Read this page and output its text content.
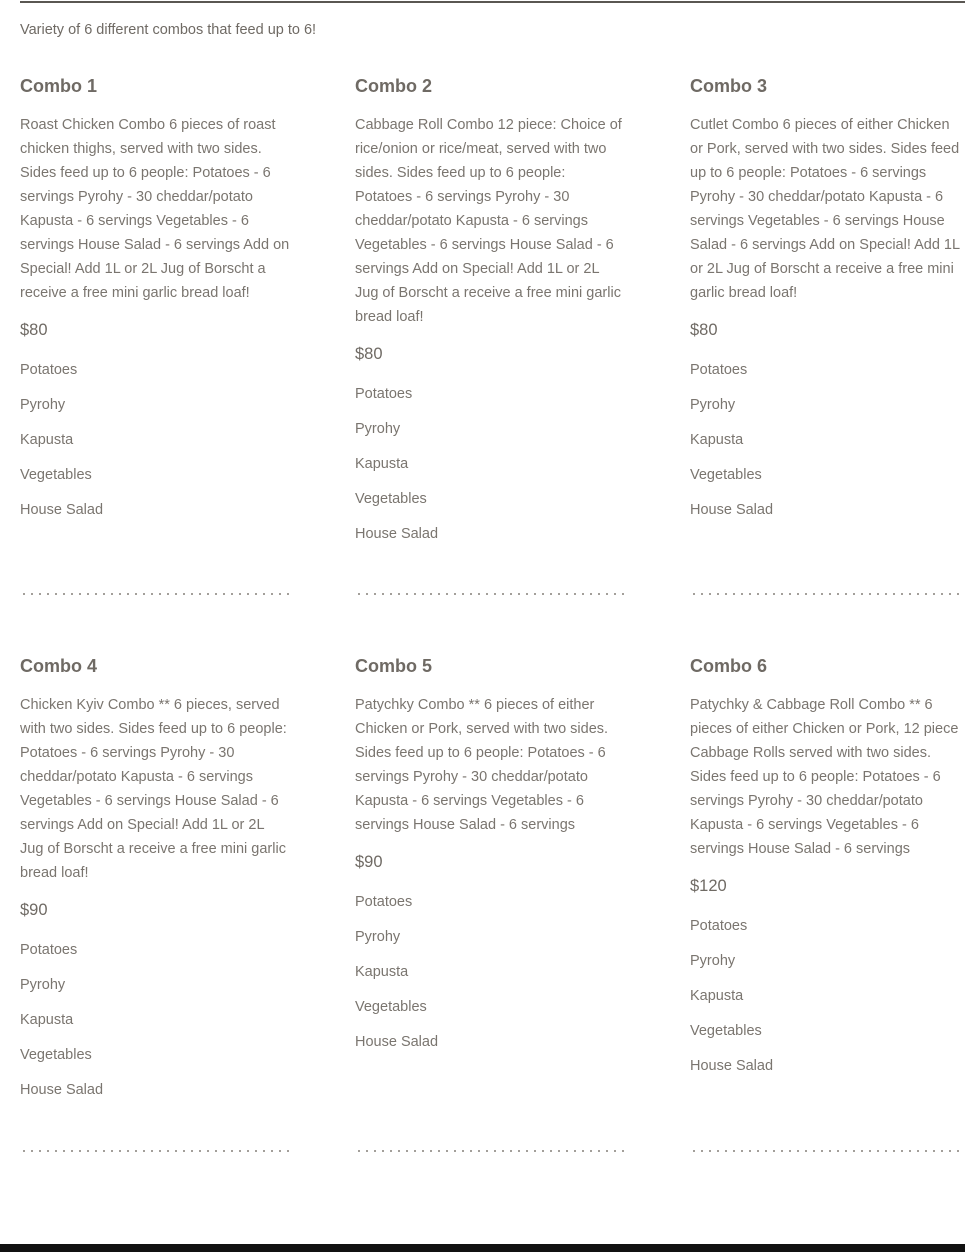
Variety of 6 different combos that feed up to 6!
Combo 1
Roast Chicken Combo 6 pieces of roast chicken thighs, served with two sides. Sides feed up to 6 people: Potatoes - 6 servings Pyrohy - 30 cheddar/potato Kapusta - 6 servings Vegetables - 6 servings House Salad - 6 servings Add on Special! Add 1L or 2L Jug of Borscht a receive a free mini garlic bread loaf!
$80
Potatoes
Pyrohy
Kapusta
Vegetables
House Salad
Combo 2
Cabbage Roll Combo 12 piece: Choice of rice/onion or rice/meat, served with two sides. Sides feed up to 6 people: Potatoes - 6 servings Pyrohy - 30 cheddar/potato Kapusta - 6 servings Vegetables - 6 servings House Salad - 6 servings Add on Special! Add 1L or 2L Jug of Borscht a receive a free mini garlic bread loaf!
$80
Potatoes
Pyrohy
Kapusta
Vegetables
House Salad
Combo 3
Cutlet Combo 6 pieces of either Chicken or Pork, served with two sides. Sides feed up to 6 people: Potatoes - 6 servings Pyrohy - 30 cheddar/potato Kapusta - 6 servings Vegetables - 6 servings House Salad - 6 servings Add on Special! Add 1L or 2L Jug of Borscht a receive a free mini garlic bread loaf!
$80
Potatoes
Pyrohy
Kapusta
Vegetables
House Salad
Combo 4
Chicken Kyiv Combo ** 6 pieces, served with two sides. Sides feed up to 6 people: Potatoes - 6 servings Pyrohy - 30 cheddar/potato Kapusta - 6 servings Vegetables - 6 servings House Salad - 6 servings Add on Special! Add 1L or 2L Jug of Borscht a receive a free mini garlic bread loaf!
$90
Potatoes
Pyrohy
Kapusta
Vegetables
House Salad
Combo 5
Patychky Combo ** 6 pieces of either Chicken or Pork, served with two sides. Sides feed up to 6 people: Potatoes - 6 servings Pyrohy - 30 cheddar/potato Kapusta - 6 servings Vegetables - 6 servings House Salad - 6 servings
$90
Potatoes
Pyrohy
Kapusta
Vegetables
House Salad
Combo 6
Patychky & Cabbage Roll Combo ** 6 pieces of either Chicken or Pork, 12 piece Cabbage Rolls served with two sides. Sides feed up to 6 people: Potatoes - 6 servings Pyrohy - 30 cheddar/potato Kapusta - 6 servings Vegetables - 6 servings House Salad - 6 servings
$120
Potatoes
Pyrohy
Kapusta
Vegetables
House Salad
